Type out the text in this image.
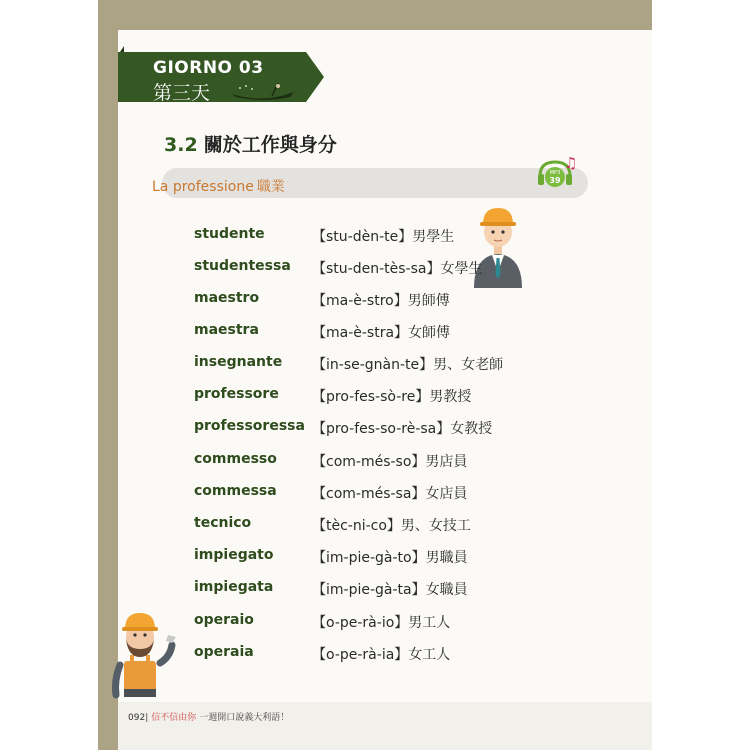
GIORNO 03
第三天
3.2 關於工作與身分
La professione 職業
MP3
39
♫
studente	【stu-dèn-te】男學生
studentessa 【stu-den-tès-sa】女學生
maestro	【ma-è-stro】男師傅
maestra	【ma-è-stra】女師傅
insegnante 【in-se-gnàn-te】男、女老師
professore 【pro-fes-sò-re】男教授
professoressa 【pro-fes-so-rè-sa】女教授
commesso	【com-més-so】男店員
commessa	【com-més-sa】女店員
tecnico	【tèc-ni-co】男、女技工
impiegato	【im-pie-gà-to】男職員
impiegata	【im-pie-gà-ta】女職員
operaio	【o-pe-rà-io】男工人
operaia	【o-pe-rà-ia】女工人
092| 信不信由你 一週開口說義大利語！
